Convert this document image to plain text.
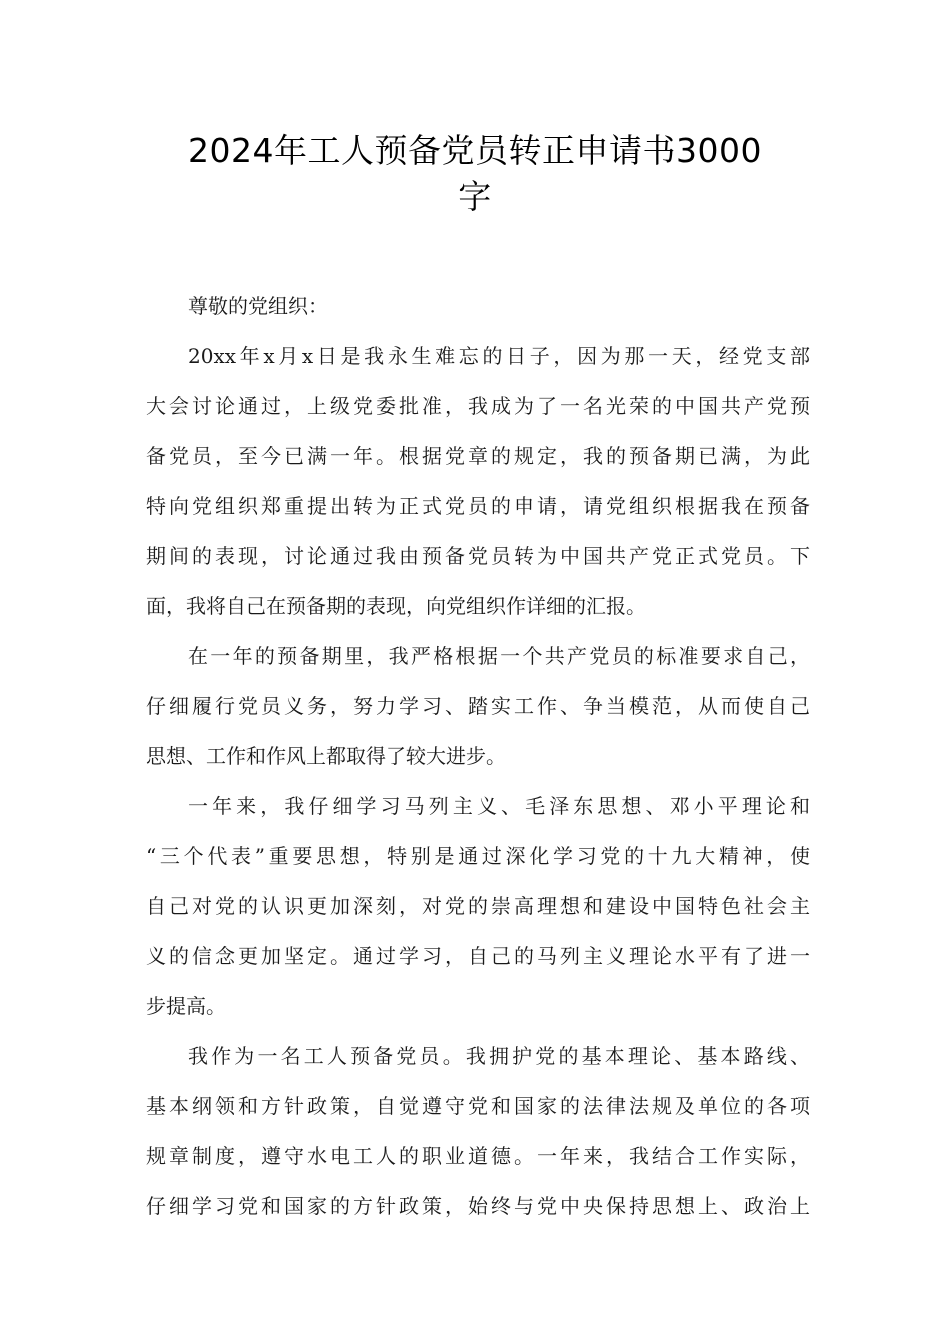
2024年工人预备党员转正申请书3000
字

尊敬的党组织：

20xx年x月x日是我永生难忘的日子，因为那一天，经党支部
大会讨论通过，上级党委批准，我成为了一名光荣的中国共产党预
备党员，至今已满一年。根据党章的规定，我的预备期已满，为此
特向党组织郑重提出转为正式党员的申请，请党组织根据我在预备
期间的表现，讨论通过我由预备党员转为中国共产党正式党员。下
面，我将自己在预备期的表现，向党组织作详细的汇报。

在一年的预备期里，我严格根据一个共产党员的标准要求自己，
仔细履行党员义务，努力学习、踏实工作、争当模范，从而使自己
思想、工作和作风上都取得了较大进步。

一年来，我仔细学习马列主义、毛泽东思想、邓小平理论和
“三个代表”重要思想，特别是通过深化学习党的十九大精神，使
自己对党的认识更加深刻，对党的崇高理想和建设中国特色社会主
义的信念更加坚定。通过学习，自己的马列主义理论水平有了进一
步提高。

我作为一名工人预备党员。我拥护党的基本理论、基本路线、
基本纲领和方针政策，自觉遵守党和国家的法律法规及单位的各项
规章制度，遵守水电工人的职业道德。一年来，我结合工作实际，
仔细学习党和国家的方针政策，始终与党中央保持思想上、政治上
